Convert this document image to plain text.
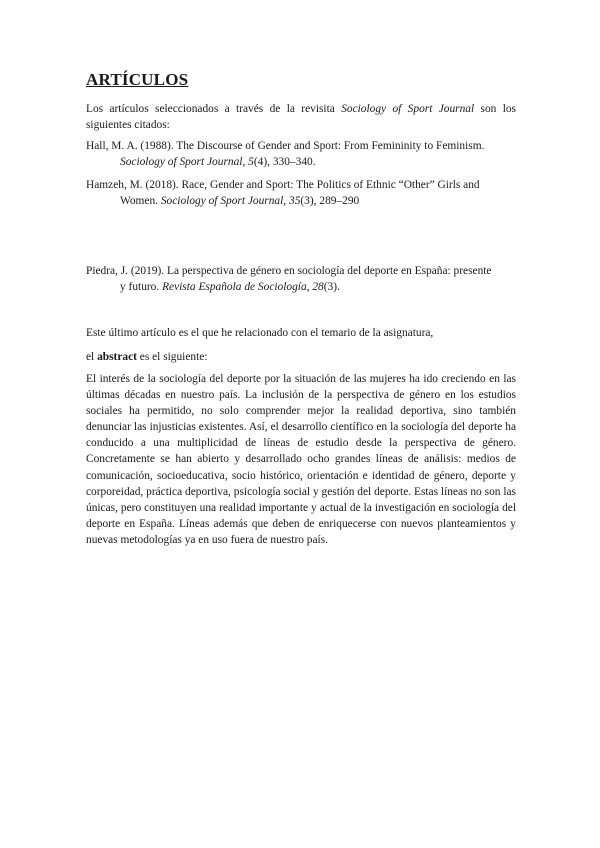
ARTÍCULOS

Los artículos seleccionados a través de la revisita Sociology of Sport Journal son los siguientes citados:

Hall, M. A. (1988). The Discourse of Gender and Sport: From Femininity to Feminism. Sociology of Sport Journal, 5(4), 330–340.

Hamzeh, M. (2018). Race, Gender and Sport: The Politics of Ethnic “Other” Girls and Women. Sociology of Sport Journal, 35(3), 289–290

Piedra, J. (2019). La perspectiva de género en sociología del deporte en España: presente y futuro. Revista Española de Sociología, 28(3).

Este último artículo es el que he relacionado con el temario de la asignatura,

el abstract es el siguiente:

El interés de la sociología del deporte por la situación de las mujeres ha ido creciendo en las últimas décadas en nuestro país. La inclusión de la perspectiva de género en los estudios sociales ha permitido, no solo comprender mejor la realidad deportiva, sino también denunciar las injusticias existentes. Así, el desarrollo científico en la sociología del deporte ha conducido a una multiplicidad de líneas de estudio desde la perspectiva de género. Concretamente se han abierto y desarrollado ocho grandes líneas de análisis: medios de comunicación, socioeducativa, socio histórico, orientación e identidad de género, deporte y corporeidad, práctica deportiva, psicología social y gestión del deporte. Estas líneas no son las únicas, pero constituyen una realidad importante y actual de la investigación en sociología del deporte en España. Líneas además que deben de enriquecerse con nuevos planteamientos y nuevas metodologías ya en uso fuera de nuestro país.
